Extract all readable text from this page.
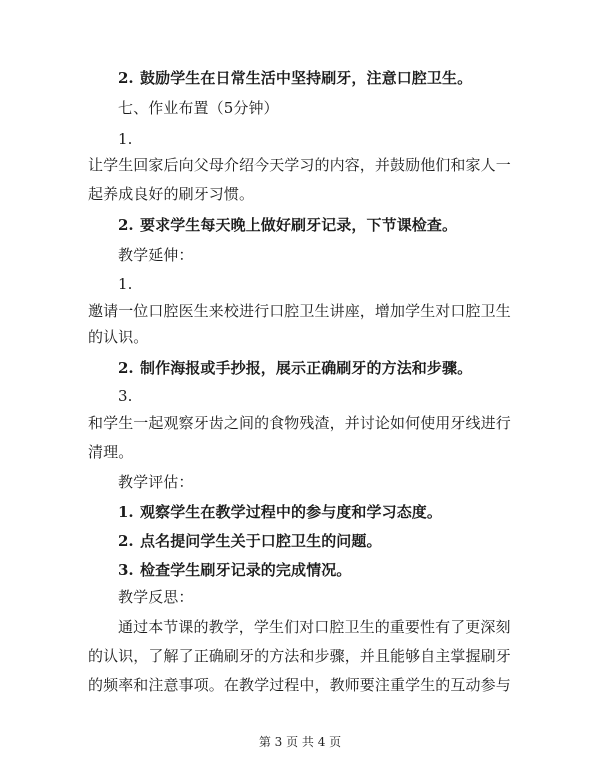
2. 鼓励学生在日常生活中坚持刷牙，注意口腔卫生。
七、作业布置（5分钟）
1.
让学生回家后向父母介绍今天学习的内容，并鼓励他们和家人一
起养成良好的刷牙习惯。
2. 要求学生每天晚上做好刷牙记录，下节课检查。
教学延伸：
1.
邀请一位口腔医生来校进行口腔卫生讲座，增加学生对口腔卫生
的认识。
2. 制作海报或手抄报，展示正确刷牙的方法和步骤。
3.
和学生一起观察牙齿之间的食物残渣，并讨论如何使用牙线进行
清理。
教学评估：
1. 观察学生在教学过程中的参与度和学习态度。
2. 点名提问学生关于口腔卫生的问题。
3. 检查学生刷牙记录的完成情况。
教学反思：
通过本节课的教学，学生们对口腔卫生的重要性有了更深刻
的认识，了解了正确刷牙的方法和步骤，并且能够自主掌握刷牙
的频率和注意事项。在教学过程中，教师要注重学生的互动参与
第 3 页 共 4 页
